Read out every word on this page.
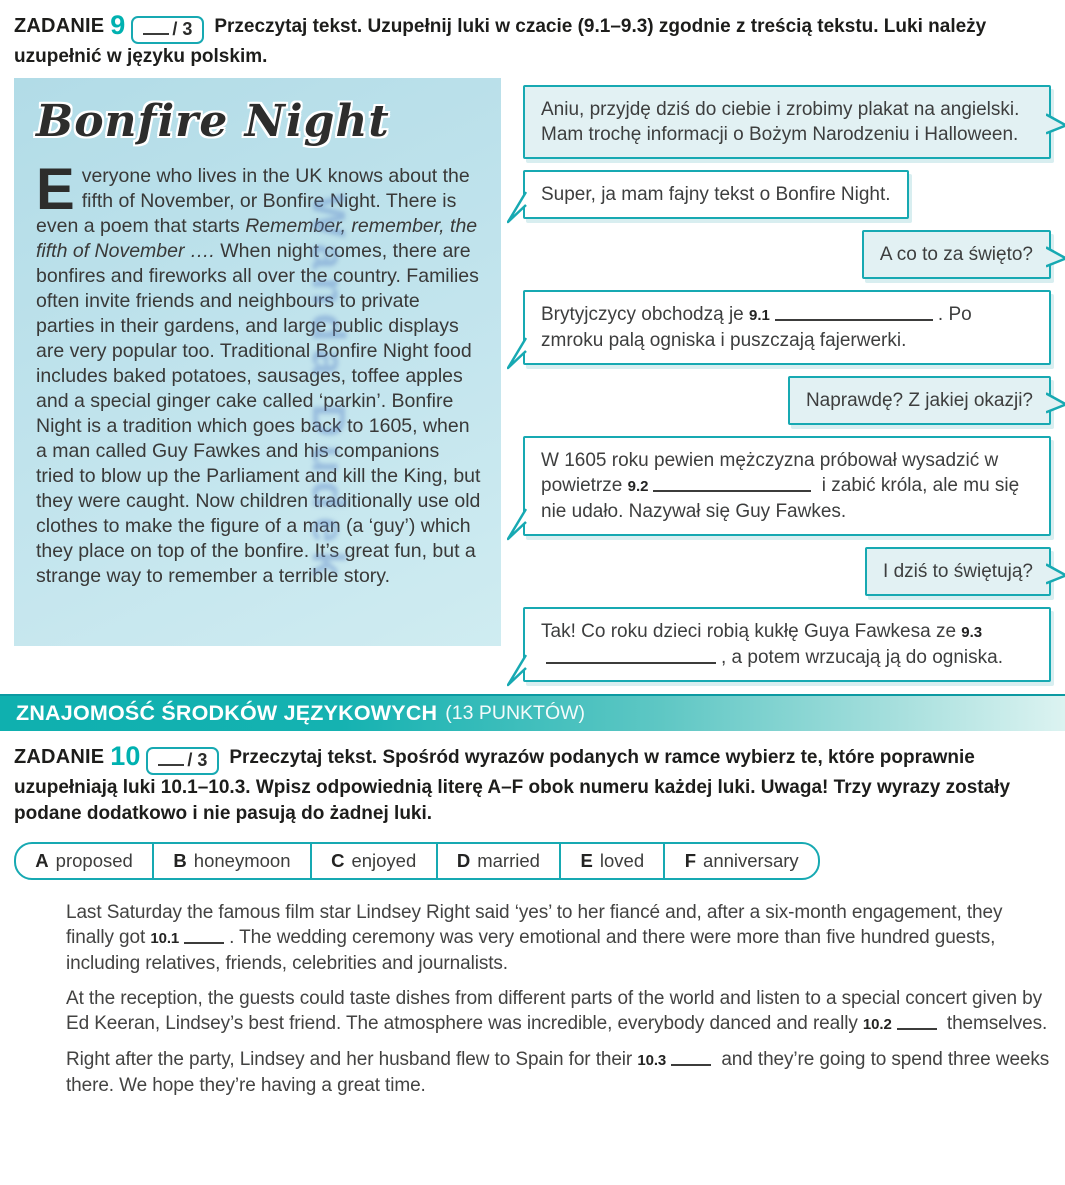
ZADANIE 9	/ 3 Przeczytaj tekst. Uzupełnij luki w czacie (9.1–9.3) zgodnie z treścią tekstu. Luki należy uzupełnić w języku polskim.
Bonfire Night
Everyone who lives in the UK knows about the fifth of November, or Bonfire Night. There is even a poem that starts Remember, remember, the fifth of November …. When night comes, there are bonfires and fireworks all over the country. Families often invite friends and neighbours to private parties in their gardens, and large public displays are very popular too. Traditional Bonfire Night food includes baked potatoes, sausages, toffee apples and a special ginger cake called ‘parkin’. Bonfire Night is a tradition which goes back to 1605, when a man called Guy Fawkes and his companions tried to blow up the Parliament and kill the King, but they were caught. Now children traditionally use old clothes to make the figure of a man (a ‘guy’) which they place on top of the bonfire. It’s great fun, but a strange way to remember a terrible story.
Aniu, przyjdę dziś do ciebie i zrobimy plakat na angielski. Mam trochę informacji o Bożym Narodzeniu i Halloween.
Super, ja mam fajny tekst o Bonfire Night.
A co to za święto?
Brytyjczycy obchodzą je 9.1	. Po zmroku palą ogniska i puszczają fajerwerki.
Naprawdę? Z jakiej okazji?
W 1605 roku pewien mężczyzna próbował wysadzić w powietrze 9.2	i zabić króla, ale mu się nie udało. Nazywał się Guy Fawkes.
I dziś to świętują?
Tak! Co roku dzieci robią kukłę Guya Fawkesa ze 9.3, a potem wrzucają ją do ogniska.
Wanda Dudek
ZNAJOMOŚĆ ŚRODKÓW JĘZYKOWYCH (13 PUNKTÓW)
ZADANIE 10	/ 3 Przeczytaj tekst. Spośród wyrazów podanych w ramce wybierz te, które poprawnie uzupełniają luki 10.1–10.3. Wpisz odpowiednią literę A–F obok numeru każdej luki. Uwaga! Trzy wyrazy zostały podane dodatkowo i nie pasują do żadnej luki.
A proposed B honeymoon C enjoyed D married E loved F anniversary

Last Saturday the famous film star Lindsey Right said ‘yes’ to her fiancé and, after a six-month engagement, they finally got 10.1	. The wedding ceremony was very emotional and there were more than five hundred guests, including relatives, friends, celebrities and journalists.

At the reception, the guests could taste dishes from different parts of the world and listen to a special concert given by Ed Keeran, Lindsey’s best friend. The atmosphere was incredible, everybody danced and really 10.2	themselves.

Right after the party, Lindsey and her husband flew to Spain for their 10.3	and they’re going to spend three weeks there. We hope they’re having a great time.
